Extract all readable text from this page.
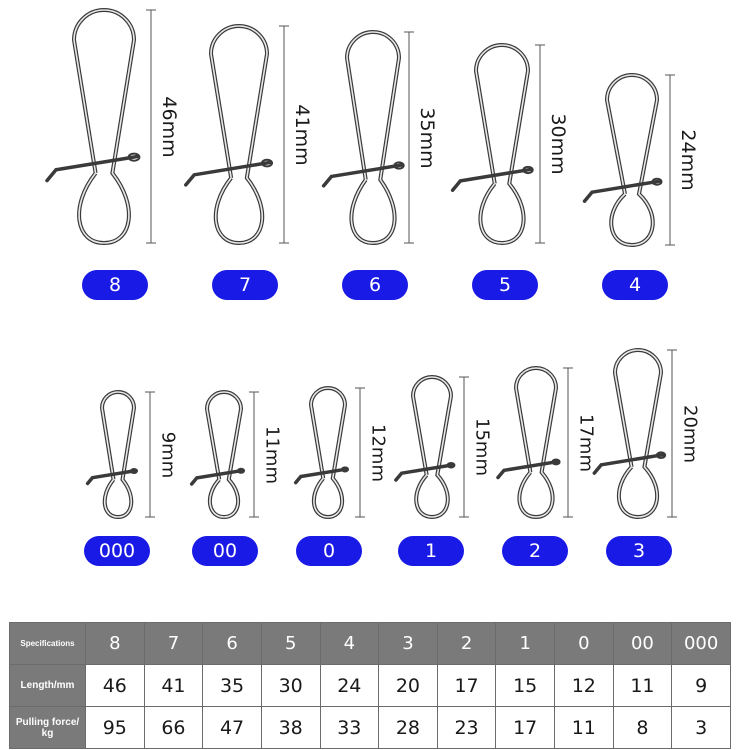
46mm
8
41mm
7
35mm
6
30mm
5
24mm
4
9mm
000
11mm
00
12mm
0
15mm
1
17mm
2
20mm
3
Specifications	8	7	6	5	4	3	2	1	0	00	000
Length/mm	46	41	35	30	24	20	17	15	12	11	9
Pulling force/ kg	95	66	47	38	33	28	23	17	11	8	3
